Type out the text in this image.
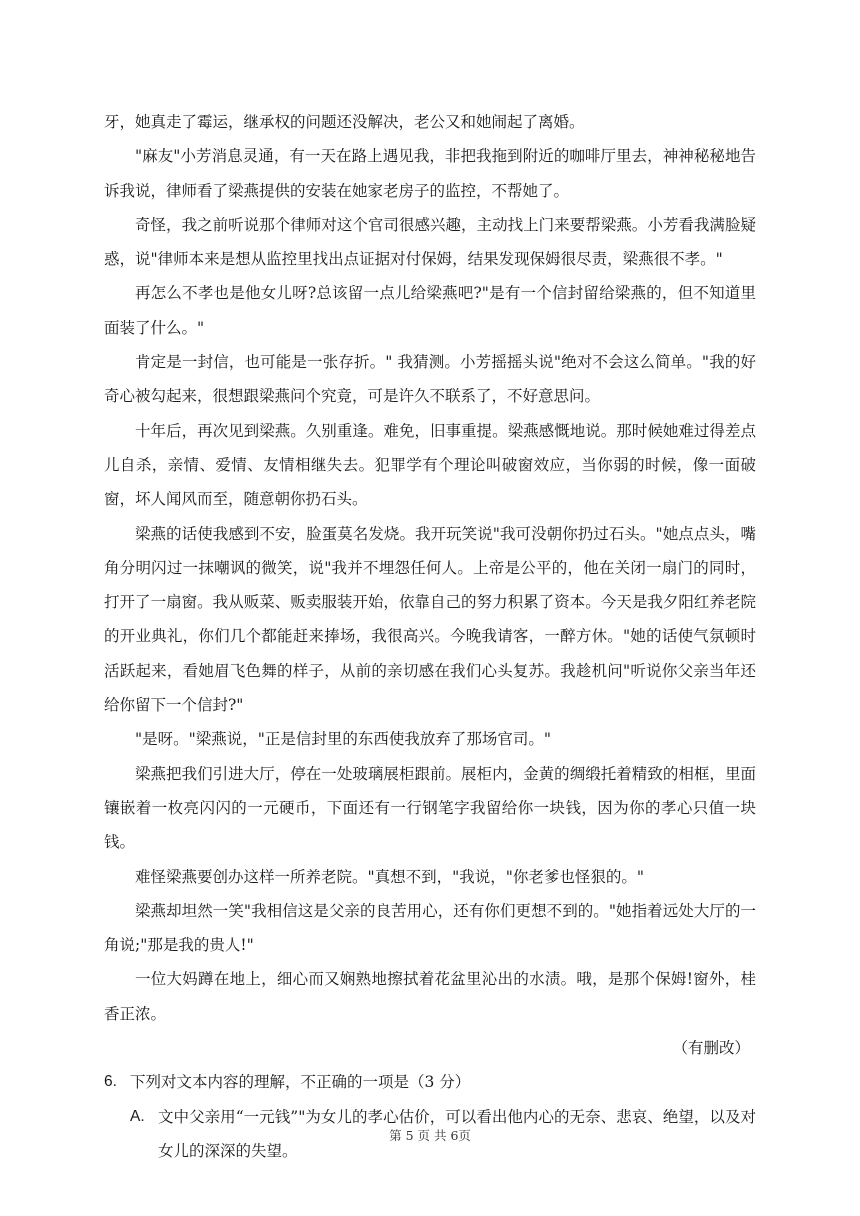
牙，她真走了霉运，继承权的问题还没解决，老公又和她闹起了离婚。

"麻友"小芳消息灵通，有一天在路上遇见我，非把我拖到附近的咖啡厅里去，神神秘秘地告诉我说，律师看了梁燕提供的安装在她家老房子的监控，不帮她了。

奇怪，我之前听说那个律师对这个官司很感兴趣，主动找上门来要帮梁燕。小芳看我满脸疑惑，说"律师本来是想从监控里找出点证据对付保姆，结果发现保姆很尽责，梁燕很不孝。"

再怎么不孝也是他女儿呀?总该留一点儿给梁燕吧?"是有一个信封留给梁燕的，但不知道里面装了什么。"

肯定是一封信，也可能是一张存折。" 我猜测。小芳摇摇头说"绝对不会这么简单。"我的好奇心被勾起来，很想跟梁燕问个究竟，可是许久不联系了，不好意思问。

十年后，再次见到梁燕。久别重逢。难免，旧事重提。梁燕感慨地说。那时候她难过得差点儿自杀，亲情、爱情、友情相继失去。犯罪学有个理论叫破窗效应，当你弱的时候，像一面破窗，坏人闻风而至，随意朝你扔石头。

梁燕的话使我感到不安，脸蛋莫名发烧。我开玩笑说"我可没朝你扔过石头。"她点点头，嘴角分明闪过一抹嘲讽的微笑，说"我并不埋怨任何人。上帝是公平的，他在关闭一扇门的同时，打开了一扇窗。我从贩菜、贩卖服装开始，依靠自己的努力积累了资本。今天是我夕阳红养老院的开业典礼，你们几个都能赶来捧场，我很高兴。今晚我请客，一醉方休。"她的话使气氛顿时活跃起来，看她眉飞色舞的样子，从前的亲切感在我们心头复苏。我趁机问"听说你父亲当年还给你留下一个信封?"

"是呀。"梁燕说，"正是信封里的东西使我放弃了那场官司。"

梁燕把我们引进大厅，停在一处玻璃展柜跟前。展柜内，金黄的绸缎托着精致的相框，里面镶嵌着一枚亮闪闪的一元硬币，下面还有一行钢笔字我留给你一块钱，因为你的孝心只值一块钱。

难怪梁燕要创办这样一所养老院。"真想不到，"我说，"你老爹也怪狠的。"

梁燕却坦然一笑"我相信这是父亲的良苦用心，还有你们更想不到的。"她指着远处大厅的一角说;"那是我的贵人!"

一位大妈蹲在地上，细心而又娴熟地擦拭着花盆里沁出的水渍。哦，是那个保姆!窗外，桂香正浓。

（有删改）

6. 下列对文本内容的理解，不正确的一项是（3 分）

A. 文中父亲用“一元钱”"为女儿的孝心估价，可以看出他内心的无奈、悲哀、绝望，以及对女儿的深深的失望。

第 5 页 共 6页
